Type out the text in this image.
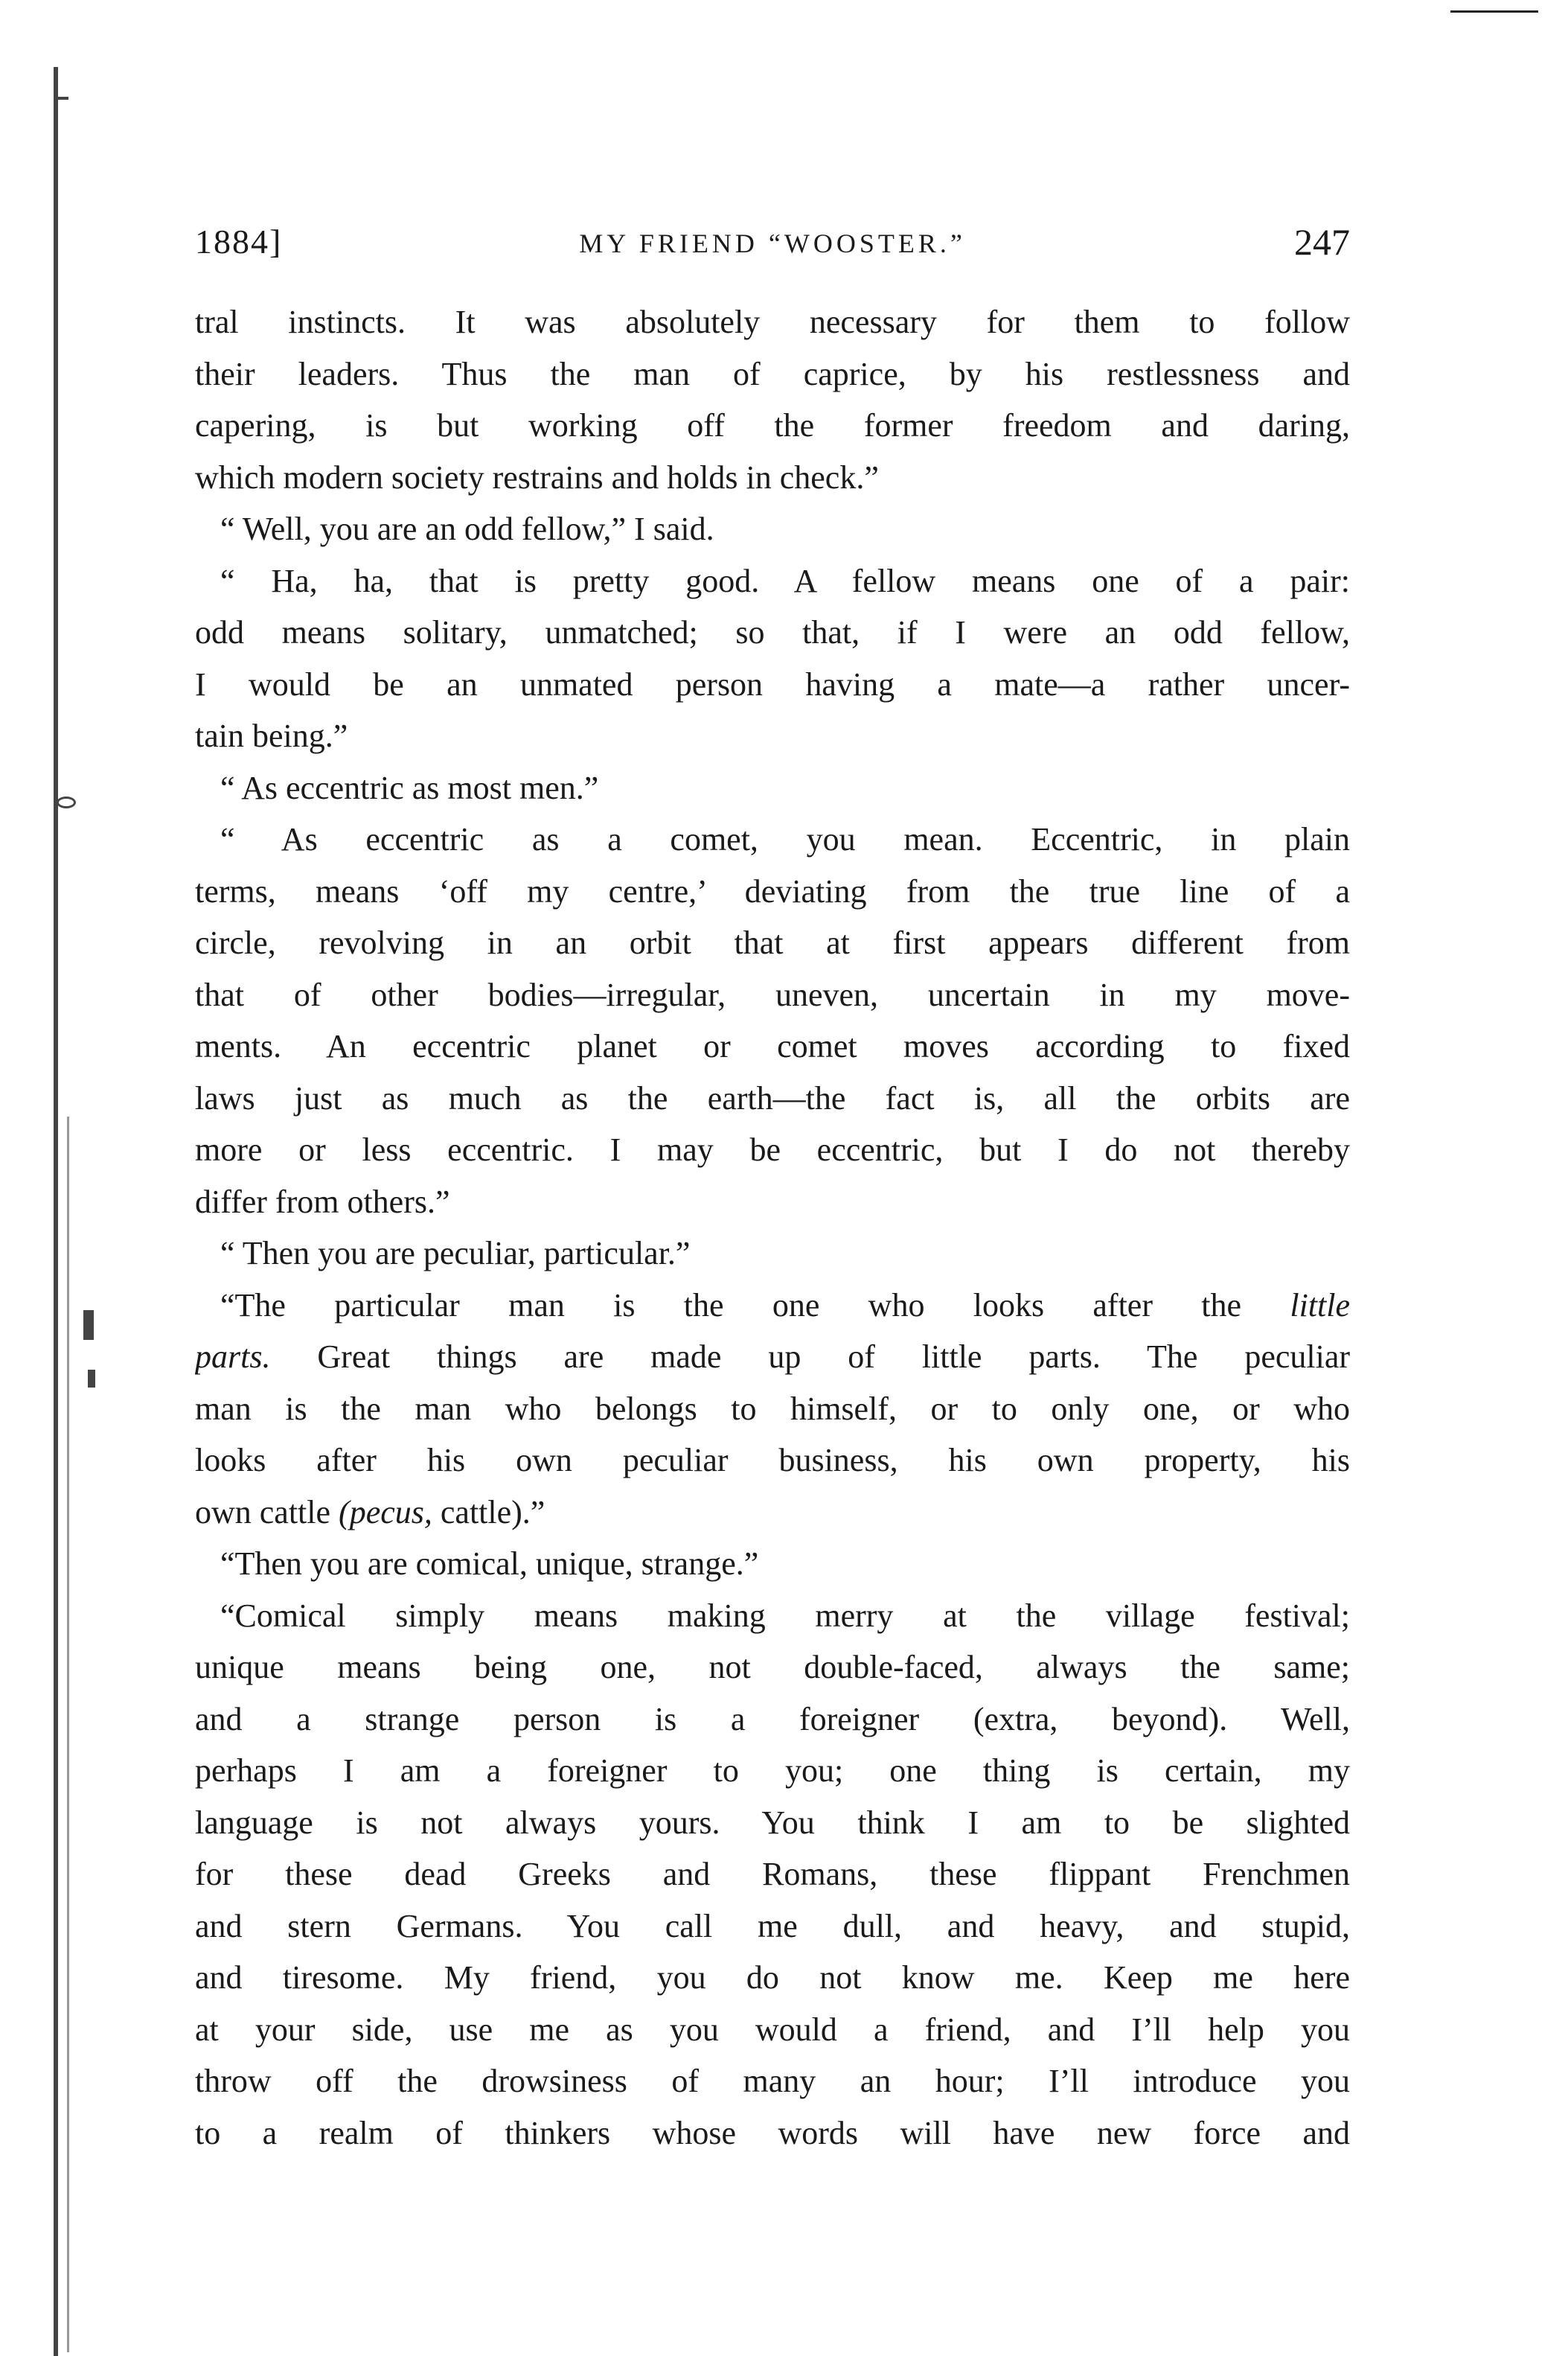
1884]	MY FRIEND “WOOSTER.”	247
tral instincts. It was absolutely necessary for them to follow
their leaders. Thus the man of caprice, by his restlessness and
capering, is but working off the former freedom and daring,
which modern society restrains and holds in check.”
“ Well, you are an odd fellow,” I said.
“ Ha, ha, that is pretty good. A fellow means one of a pair:
odd means solitary, unmatched; so that, if I were an odd fellow,
I would be an unmated person having a mate—a rather uncer-
tain being.”
“ As eccentric as most men.”
“ As eccentric as a comet, you mean. Eccentric, in plain
terms, means ‘off my centre,’ deviating from the true line of a
circle, revolving in an orbit that at first appears different from
that of other bodies—irregular, uneven, uncertain in my move-
ments. An eccentric planet or comet moves according to fixed
laws just as much as the earth—the fact is, all the orbits are
more or less eccentric. I may be eccentric, but I do not thereby
differ from others.”
“ Then you are peculiar, particular.”
“The particular man is the one who looks after the little
parts. Great things are made up of little parts. The peculiar
man is the man who belongs to himself, or to only one, or who
looks after his own peculiar business, his own property, his
own cattle (pecus, cattle).”
“Then you are comical, unique, strange.”
“Comical simply means making merry at the village festival;
unique means being one, not double-faced, always the same;
and a strange person is a foreigner (extra, beyond). Well,
perhaps I am a foreigner to you; one thing is certain, my
language is not always yours. You think I am to be slighted
for these dead Greeks and Romans, these flippant Frenchmen
and stern Germans. You call me dull, and heavy, and stupid,
and tiresome. My friend, you do not know me. Keep me here
at your side, use me as you would a friend, and I’ll help you
throw off the drowsiness of many an hour; I’ll introduce you
to a realm of thinkers whose words will have new force and
